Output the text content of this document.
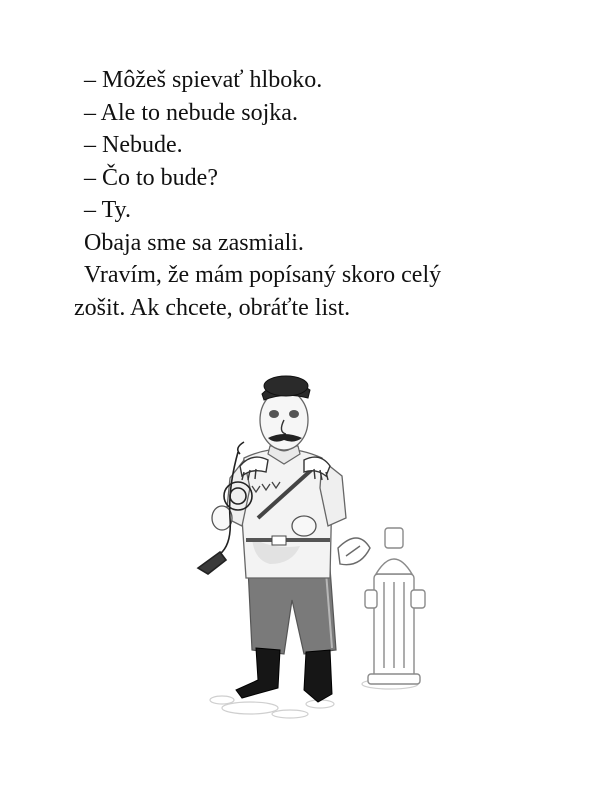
– Môžeš spievať hlboko.
– Ale to nebude sojka.
– Nebude.
– Čo to bude?
– Ty.
Obaja sme sa zasmiali.
Vravím, že mám popísaný skoro celý
zošit. Ak chcete, obráťte list.
